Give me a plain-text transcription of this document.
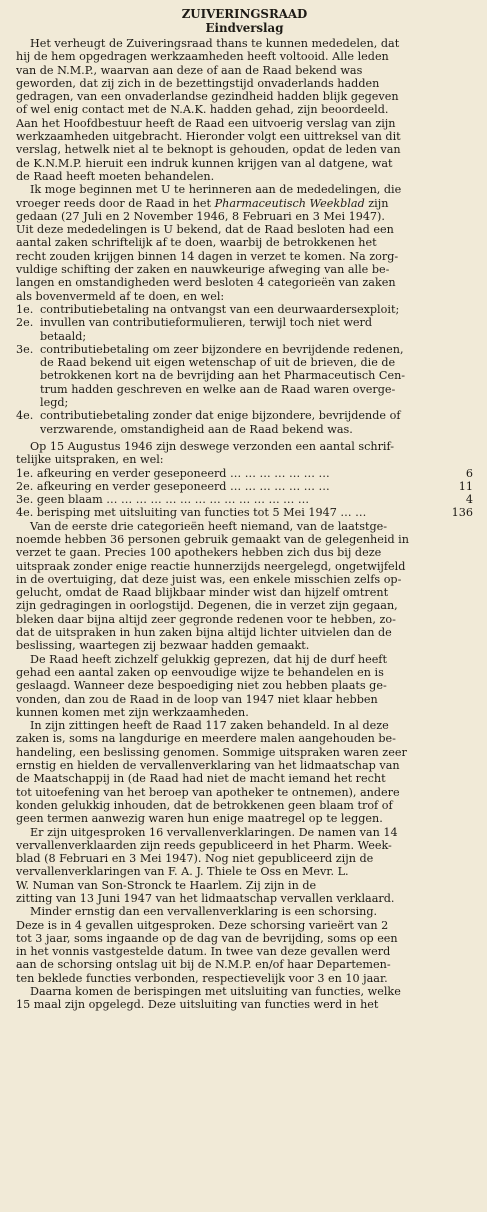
ZUIVERINGSRAAD

Eindverslag

Het verheugt de Zuiveringsraad thans te kunnen mededelen, dat
hij de hem opgedragen werkzaamheden heeft voltooid. Alle leden
van de N.M.P., waarvan aan deze of aan de Raad bekend was
geworden, dat zij zich in de bezettingstijd onvaderlands hadden
gedragen, van een onvaderlandse gezindheid hadden blijk gegeven
of wel enig contact met de N.A.K. hadden gehad, zijn beoordeeld.
Aan het Hoofdbestuur heeft de Raad een uitvoerig verslag van zijn
werkzaamheden uitgebracht. Hieronder volgt een uittreksel van dit
verslag, hetwelk niet al te beknopt is gehouden, opdat de leden van
de K.N.M.P. hieruit een indruk kunnen krijgen van al datgene, wat
de Raad heeft moeten behandelen.
Ik moge beginnen met U te herinneren aan de mededelingen, die
vroeger reeds door de Raad in het Pharmaceutisch Weekblad zijn
gedaan (27 Juli en 2 November 1946, 8 Februari en 3 Mei 1947).
Uit deze mededelingen is U bekend, dat de Raad besloten had een
aantal zaken schriftelijk af te doen, waarbij de betrokkenen het
recht zouden krijgen binnen 14 dagen in verzet te komen. Na zorg-
vuldige schifting der zaken en nauwkeurige afweging van alle be-
langen en omstandigheden werd besloten 4 categorieën van zaken
als bovenvermeld af te doen, en wel:
1e. contributiebetaling na ontvangst van een deurwaardersexploit;
2e. invullen van contributieformulieren, terwijl toch niet werd
betaald;
3e. contributiebetaling om zeer bijzondere en bevrijdende redenen,
de Raad bekend uit eigen wetenschap of uit de brieven, die de
betrokkenen kort na de bevrijding aan het Pharmaceutisch Cen-
trum hadden geschreven en welke aan de Raad waren overge-
legd;
4e. contributiebetaling zonder dat enige bijzondere, bevrijdende of
verzwarende, omstandigheid aan de Raad bekend was.
Op 15 Augustus 1946 zijn deswege verzonden een aantal schrif-
telijke uitspraken, en wel:
1e. afkeuring en verder geseponeerd … … … … … … …	6
2e. afkeuring en verder geseponeerd … … … … … … …	11
3e. geen blaam … … … … … … … … … … … … … …	4
4e. berisping met uitsluiting van functies tot 5 Mei 1947 … …	136
Van de eerste drie categorieën heeft niemand, van de laatstge-
noemde hebben 36 personen gebruik gemaakt van de gelegenheid in
verzet te gaan. Precies 100 apothekers hebben zich dus bij deze
uitspraak zonder enige reactie hunnerzijds neergelegd, ongetwijfeld
in de overtuiging, dat deze juist was, een enkele misschien zelfs op-
gelucht, omdat de Raad blijkbaar minder wist dan hijzelf omtrent
zijn gedragingen in oorlogstijd. Degenen, die in verzet zijn gegaan,
bleken daar bijna altijd zeer gegronde redenen voor te hebben, zo-
dat de uitspraken in hun zaken bijna altijd lichter uitvielen dan de
beslissing, waartegen zij bezwaar hadden gemaakt.
De Raad heeft zichzelf gelukkig geprezen, dat hij de durf heeft
gehad een aantal zaken op eenvoudige wijze te behandelen en is
geslaagd. Wanneer deze bespoediging niet zou hebben plaats ge-
vonden, dan zou de Raad in de loop van 1947 niet klaar hebben
kunnen komen met zijn werkzaamheden.
In zijn zittingen heeft de Raad 117 zaken behandeld. In al deze
zaken is, soms na langdurige en meerdere malen aangehouden be-
handeling, een beslissing genomen. Sommige uitspraken waren zeer
ernstig en hielden de vervallenverklaring van het lidmaatschap van
de Maatschappij in (de Raad had niet de macht iemand het recht
tot uitoefening van het beroep van apotheker te ontnemen), andere
konden gelukkig inhouden, dat de betrokkenen geen blaam trof of
geen termen aanwezig waren hun enige maatregel op te leggen.
Er zijn uitgesproken 16 vervallenverklaringen. De namen van 14
vervallenverklaarden zijn reeds gepubliceerd in het Pharm. Week-
blad (8 Februari en 3 Mei 1947). Nog niet gepubliceerd zijn de
vervallenverklaringen van F. A. J. Thiele te Oss en Mevr. L.
W. Numan van Son-Stronck te Haarlem. Zij zijn in de
zitting van 13 Juni 1947 van het lidmaatschap vervallen verklaard.
Minder ernstig dan een vervallenverklaring is een schorsing.
Deze is in 4 gevallen uitgesproken. Deze schorsing varieërt van 2
tot 3 jaar, soms ingaande op de dag van de bevrijding, soms op een
in het vonnis vastgestelde datum. In twee van deze gevallen werd
aan de schorsing ontslag uit bij de N.M.P. en/of haar Departemen-
ten beklede functies verbonden, respectievelijk voor 3 en 10 jaar.
Daarna komen de berispingen met uitsluiting van functies, welke
15 maal zijn opgelegd. Deze uitsluiting van functies werd in het
